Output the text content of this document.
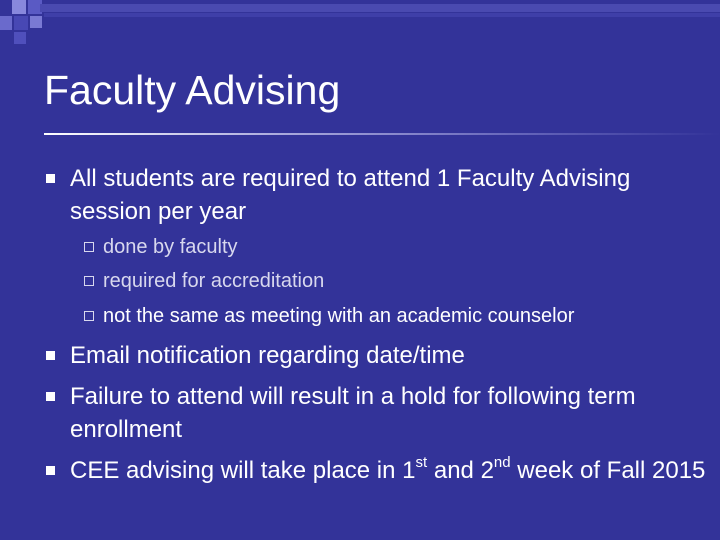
Faculty Advising
All students are required to attend 1 Faculty Advising session per year
done by faculty
required for accreditation
not the same as meeting with an academic counselor
Email notification regarding date/time
Failure to attend will result in a hold for following term enrollment
CEE advising will take place in 1st and 2nd week of Fall 2015
